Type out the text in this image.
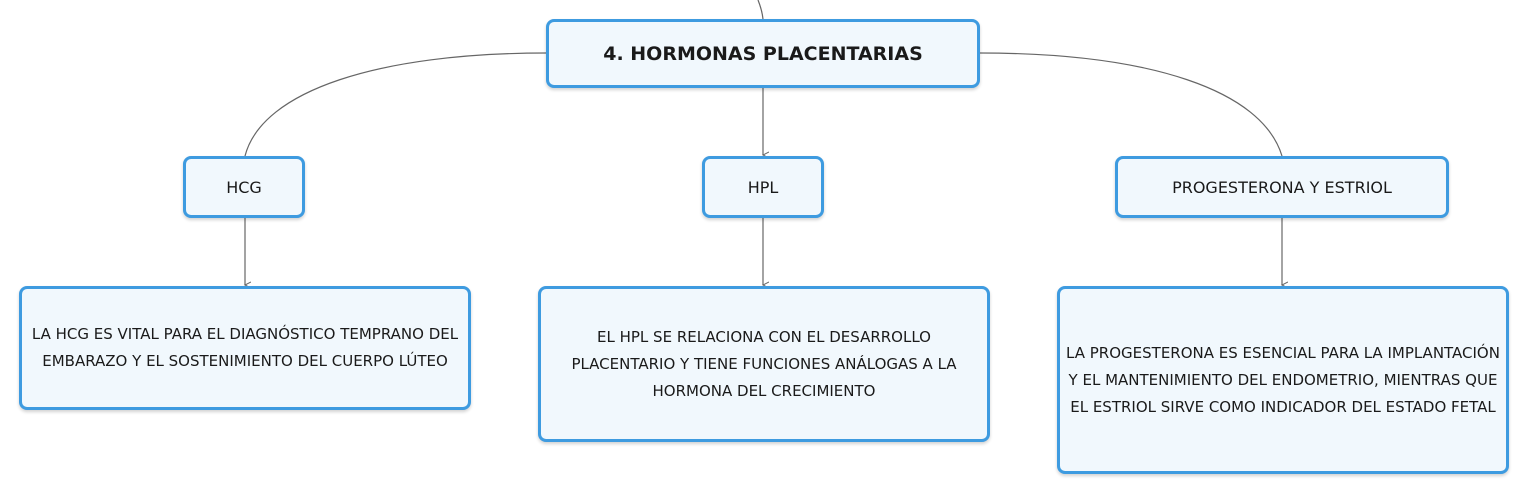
4. HORMONAS PLACENTARIAS
HCG	HPL	PROGESTERONA Y ESTRIOL
LA HCG ES VITAL PARA EL DIAGNÓSTICO TEMPRANO DEL EMBARAZO Y EL SOSTENIMIENTO DEL CUERPO LÚTEO
EL HPL SE RELACIONA CON EL DESARROLLO PLACENTARIO Y TIENE FUNCIONES ANÁLOGAS A LA HORMONA DEL CRECIMIENTO
LA PROGESTERONA ES ESENCIAL PARA LA IMPLANTACIÓN Y EL MANTENIMIENTO DEL ENDOMETRIO, MIENTRAS QUE EL ESTRIOL SIRVE COMO INDICADOR DEL ESTADO FETAL
